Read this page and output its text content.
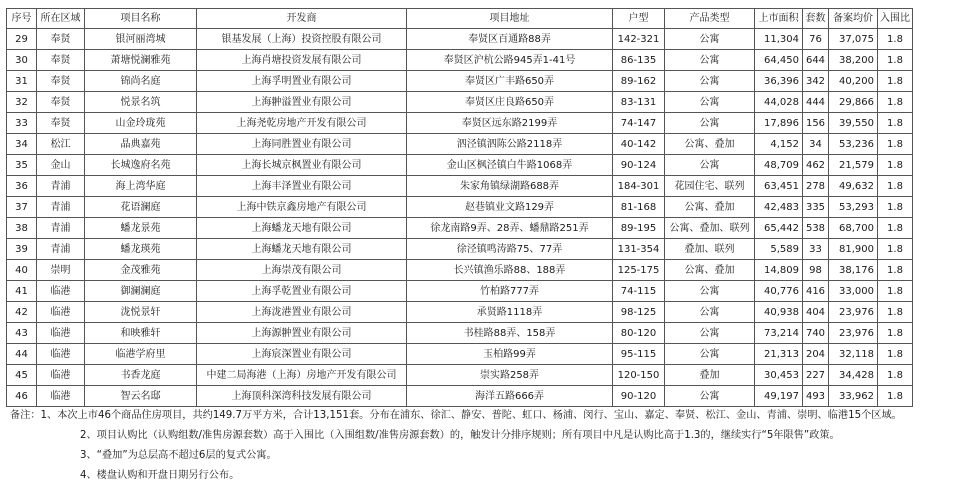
序号	所在区域	项目名称	开发商	项目地址	户型	产品类型	上市面积	套数	备案均价	入围比
29	奉贤	银河丽湾城	银基发展（上海）投资控股有限公司	奉贤区百通路88弄	142-321	公寓	11,304	76	37,075	1.8
30	奉贤	萧塘悦澜雅苑	上海肖塘投资发展有限公司	奉贤区沪杭公路945弄1-41号	86-135	公寓	64,450	644	38,200	1.8
31	奉贤	锦尚名庭	上海孚明置业有限公司	奉贤区广丰路650弄	89-162	公寓	36,396	342	40,200	1.8
32	奉贤	悦景名筑	上海翀溢置业有限公司	奉贤区庄良路650弄	83-131	公寓	44,028	444	29,866	1.8
33	奉贤	山金玲珑苑	上海尧乾房地产开发有限公司	奉贤区远东路2199弄	74-147	公寓	17,896	156	39,550	1.8
34	松江	晶典嘉苑	上海同胜置业有限公司	泗泾镇泗陈公路2118弄	40-142	公寓、叠加	4,152	34	53,236	1.8
35	金山	长城逸府名苑	上海长城京枫置业有限公司	金山区枫泾镇白牛路1068弄	90-124	公寓	48,709	462	21,579	1.8
36	青浦	海上湾华庭	上海丰泽置业有限公司	朱家角镇绿湖路688弄	184-301	花园住宅、联列	63,451	278	49,632	1.8
37	青浦	花语澜庭	上海中铁京鑫房地产有限公司	赵巷镇业文路129弄	81-168	公寓、叠加	42,483	335	53,293	1.8
38	青浦	蟠龙景苑	上海蟠龙天地有限公司	徐龙南路9弄、28弄、蟠鼎路251弄	89-195	公寓、叠加、联列	65,442	538	68,700	1.8
39	青浦	蟠龙瑛苑	上海蟠龙天地有限公司	徐泾镇鸣涛路75、77弄	131-354	叠加、联列	5,589	33	81,900	1.8
40	崇明	金茂雅苑	上海崇茂有限公司	长兴镇渔乐路88、188弄	125-175	公寓、叠加	14,809	98	38,176	1.8
41	临港	御澜澜庭	上海孚乾置业有限公司	竹柏路777弄	74-115	公寓	40,776	416	33,000	1.8
42	临港	泷悦景轩	上海泷港置业有限公司	承贤路1118弄	98-125	公寓	40,938	404	23,976	1.8
43	临港	和映雅轩	上海源翀置业有限公司	书桂路88弄、158弄	80-120	公寓	73,214	740	23,976	1.8
44	临港	临港学府里	上海宸深置业有限公司	玉柏路99弄	95-115	公寓	21,313	204	32,118	1.8
45	临港	书香龙庭	中建二局海港（上海）房地产开发有限公司	崇实路258弄	120-150	叠加	30,453	227	34,428	1.8
46	临港	智云名邸	上海顶科深湾科技发展有限公司	海洋五路666弄	90-120	公寓	49,197	493	33,962	1.8
备注：1、本次上市46个商品住房项目，共约149.7万平方米，合计13,151套。分布在浦东、徐汇、静安、普陀、虹口、杨浦、闵行、宝山、嘉定、奉贤、松江、金山、青浦、崇明、临港15个区域。
2、项目认购比（认购组数/准售房源套数）高于入围比（入围组数/准售房源套数）的，触发计分排序规则；所有项目中凡是认购比高于1.3的，继续实行“5年限售”政策。
3、“叠加”为总层高不超过6层的复式公寓。
4、楼盘认购和开盘日期另行公布。
